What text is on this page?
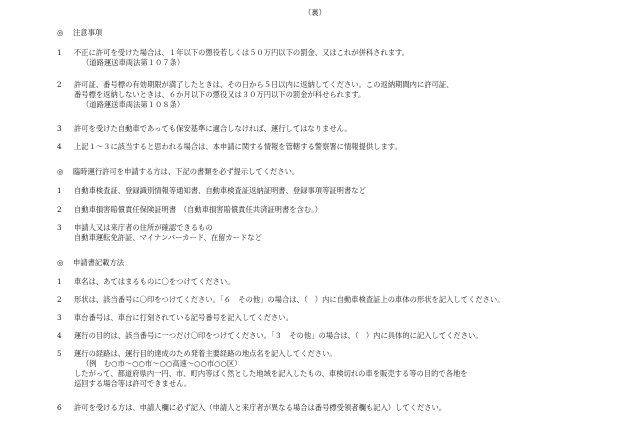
（裏）
◎ 注意事項
1	不正に許可を受けた場合は、１年以下の懲役若しくは５０万円以下の罰金、又はこれが併科されます。
（道路運送車両法第１０７条）
2	許可証、番号標の有効期限が満了したときは、その日から５日以内に返納してください。この返納期間内に許可証、
番号標を返納しないときは、６か月以下の懲役又は３０万円以下の罰金が科せられます。
（道路運送車両法第１０８条）
3	許可を受けた自動車であっても保安基準に適合しなければ、運行してはなりません。
4	上記１～３に該当すると思われる場合は、本申請に関する情報を管轄する警察署に情報提供します。
◎ 臨時運行許可を申請する方は、下記の書類を必ず提示してください。
1	自動車検査証、登録識別情報等通知書、自動車検査証返納証明書、登録事項等証明書など
2	自動車損害賠償責任保険証明書　（自動車損害賠償責任共済証明書を含む。）
3	申請人又は来庁者の住所が確認できるもの
自動車運転免許証、マイナンバーカード、在留カードなど
◎ 申請書記載方法
1	車名は、あてはまるものに〇をつけてください。
2	形状は、該当番号に〇印をつけてください。「６　その他」の場合は、（　）内に自動車検査証上の車体の形状を記入してください。
3	車台番号は、車台に打刻されている記号番号を記入してください。
4	運行の目的は、該当番号に一つだけ〇印をつけてください。「３　その他」の場合は、（　）内に具体的に記入してください。
5	運行の経路は、運行目的達成のため発着主要経路の地点名を記入してください。
（例　む○市～○○市～○○高速～○○市○○区）
したがって、都道府県内一円、市、町内等ばく然とした地域を記入したもの、車検切れの車を販売する等の目的で各地を
巡回する場合等は許可できません。
6	許可を受ける方は、申請人欄に必ず記入（申請人と来庁者が異なる場合は番号標受領者欄も記入）してください。
